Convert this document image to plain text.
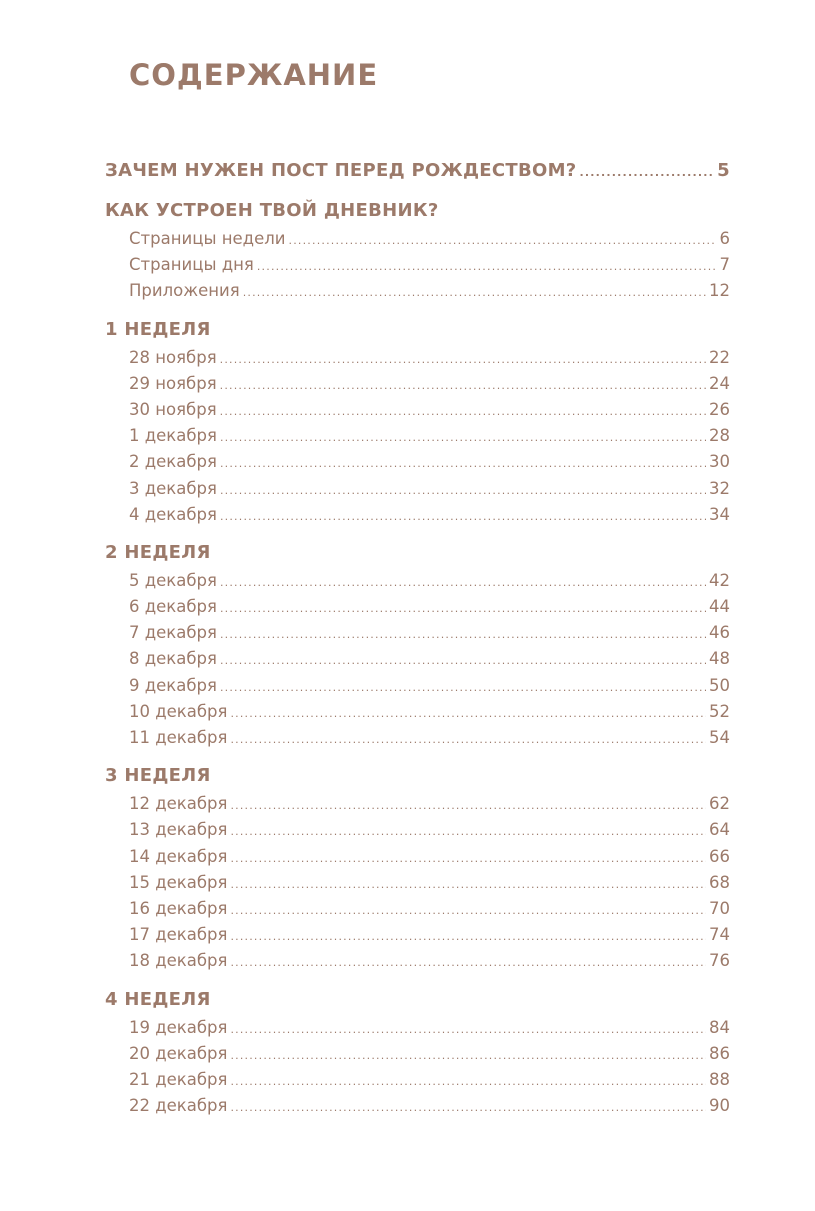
СОДЕРЖАНИЕ
ЗАЧЕМ НУЖЕН ПОСТ ПЕРЕД РОЖДЕСТВОМ? .....	5
КАК УСТРОЕН ТВОЙ ДНЕВНИК?
Страницы недели .....	6
Страницы дня .....	7
Приложения .....	12
1 НЕДЕЛЯ
28 ноября .....	22
29 ноября .....	24
30 ноября .....	26
1 декабря .....	28
2 декабря .....	30
3 декабря .....	32
4 декабря .....	34
2 НЕДЕЛЯ
5 декабря .....	42
6 декабря .....	44
7 декабря .....	46
8 декабря .....	48
9 декабря .....	50
10 декабря .....	52
11 декабря .....	54
3 НЕДЕЛЯ
12 декабря .....	62
13 декабря .....	64
14 декабря .....	66
15 декабря .....	68
16 декабря .....	70
17 декабря .....	74
18 декабря .....	76
4 НЕДЕЛЯ
19 декабря .....	84
20 декабря .....	86
21 декабря .....	88
22 декабря .....	90
